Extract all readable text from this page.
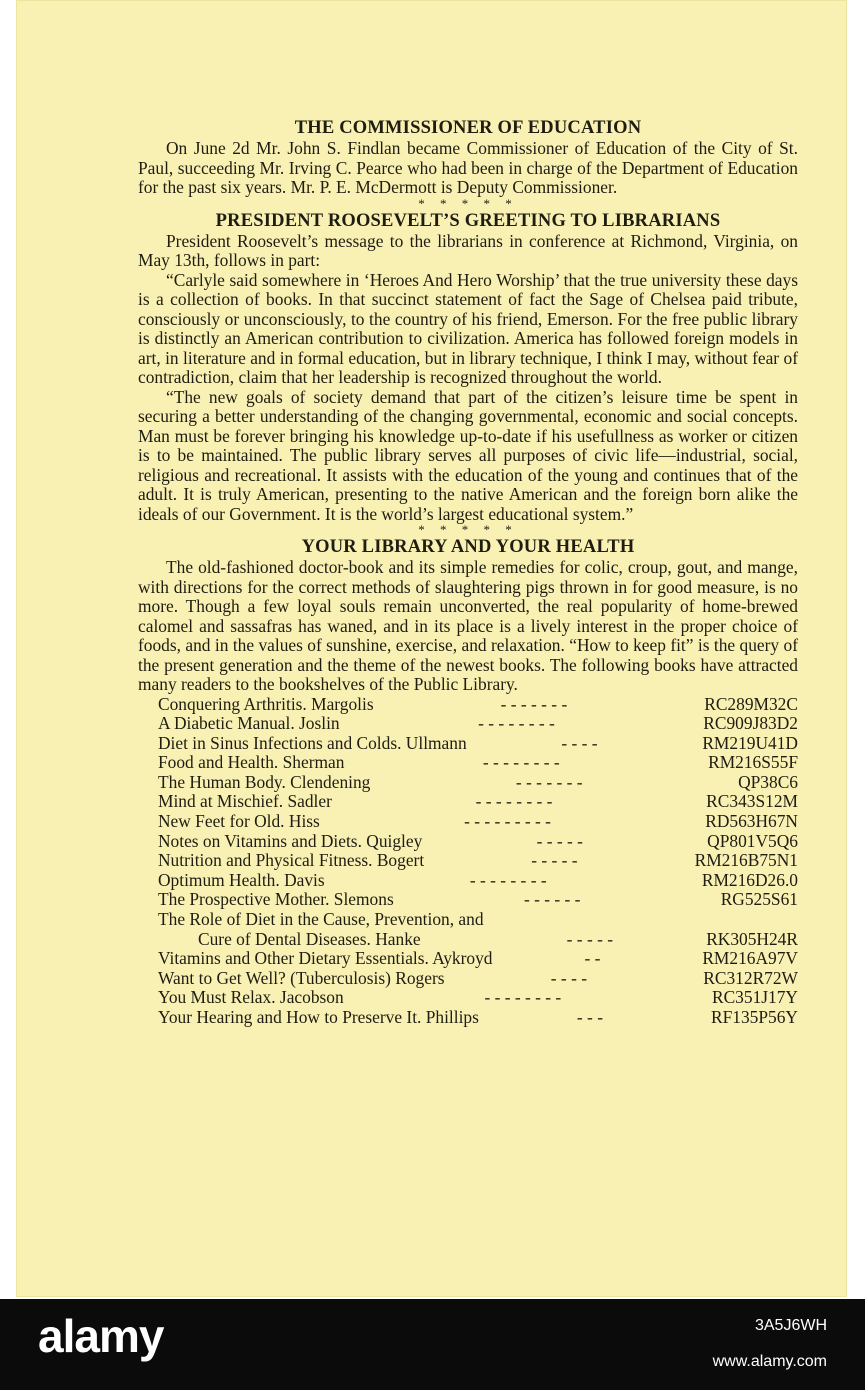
THE COMMISSIONER OF EDUCATION

On June 2d Mr. John S. Findlan became Commissioner of Education of the City of St. Paul, succeeding Mr. Irving C. Pearce who had been in charge of the Department of Education for the past six years. Mr. P. E. McDermott is Deputy Commissioner.

* * * * *
PRESIDENT ROOSEVELT’S GREETING TO LIBRARIANS

President Roosevelt’s message to the librarians in conference at Richmond, Virginia, on May 13th, follows in part:

“Carlyle said somewhere in ‘Heroes And Hero Worship’ that the true university these days is a collection of books. In that succinct statement of fact the Sage of Chelsea paid tribute, consciously or unconsciously, to the country of his friend, Emerson. For the free public library is distinctly an American contribution to civilization. America has followed foreign models in art, in literature and in formal education, but in library technique, I think I may, without fear of contradiction, claim that her leadership is recognized throughout the world.

“The new goals of society demand that part of the citizen’s leisure time be spent in securing a better understanding of the changing governmental, economic and social concepts. Man must be forever bringing his knowledge up-to-date if his usefullness as worker or citizen is to be maintained. The public library serves all purposes of civic life—industrial, social, religious and recreational. It assists with the education of the young and continues that of the adult. It is truly American, presenting to the native American and the foreign born alike the ideals of our Government. It is the world’s largest educational system.”

* * * * *
YOUR LIBRARY AND YOUR HEALTH

The old-fashioned doctor-book and its simple remedies for colic, croup, gout, and mange, with directions for the correct methods of slaughtering pigs thrown in for good measure, is no more. Though a few loyal souls remain unconverted, the real popularity of home-brewed calomel and sassafras has waned, and in its place is a lively interest in the proper choice of foods, and in the values of sunshine, exercise, and relaxation. “How to keep fit” is the query of the present generation and the theme of the newest books. The following books have attracted many readers to the bookshelves of the Public Library.

Conquering Arthritis. Margolis	- - - - - - -	RC289M32C
A Diabetic Manual. Joslin	- - - - - - - -	RC909J83D2
Diet in Sinus Infections and Colds. Ullmann	- - - -	RM219U41D
Food and Health. Sherman	- - - - - - - -	RM216S55F
The Human Body. Clendening	- - - - - - -	QP38C6
Mind at Mischief. Sadler	- - - - - - - -	RC343S12M
New Feet for Old. Hiss	- - - - - - - - -	RD563H67N
Notes on Vitamins and Diets. Quigley	- - - - -	QP801V5Q6
Nutrition and Physical Fitness. Bogert	- - - - -	RM216B75N1
Optimum Health. Davis	- - - - - - - -	RM216D26.0
The Prospective Mother. Slemons	- - - - - -	RG525S61
The Role of Diet in the Cause, Prevention, and
Cure of Dental Diseases. Hanke	- - - - -	RK305H24R
Vitamins and Other Dietary Essentials. Aykroyd	- -	RM216A97V
Want to Get Well? (Tuberculosis) Rogers	- - - -	RC312R72W
You Must Relax. Jacobson	- - - - - - - -	RC351J17Y
Your Hearing and How to Preserve It. Phillips	- - -	RF135P56Y
alamy	3A5J6WH
www.alamy.com
